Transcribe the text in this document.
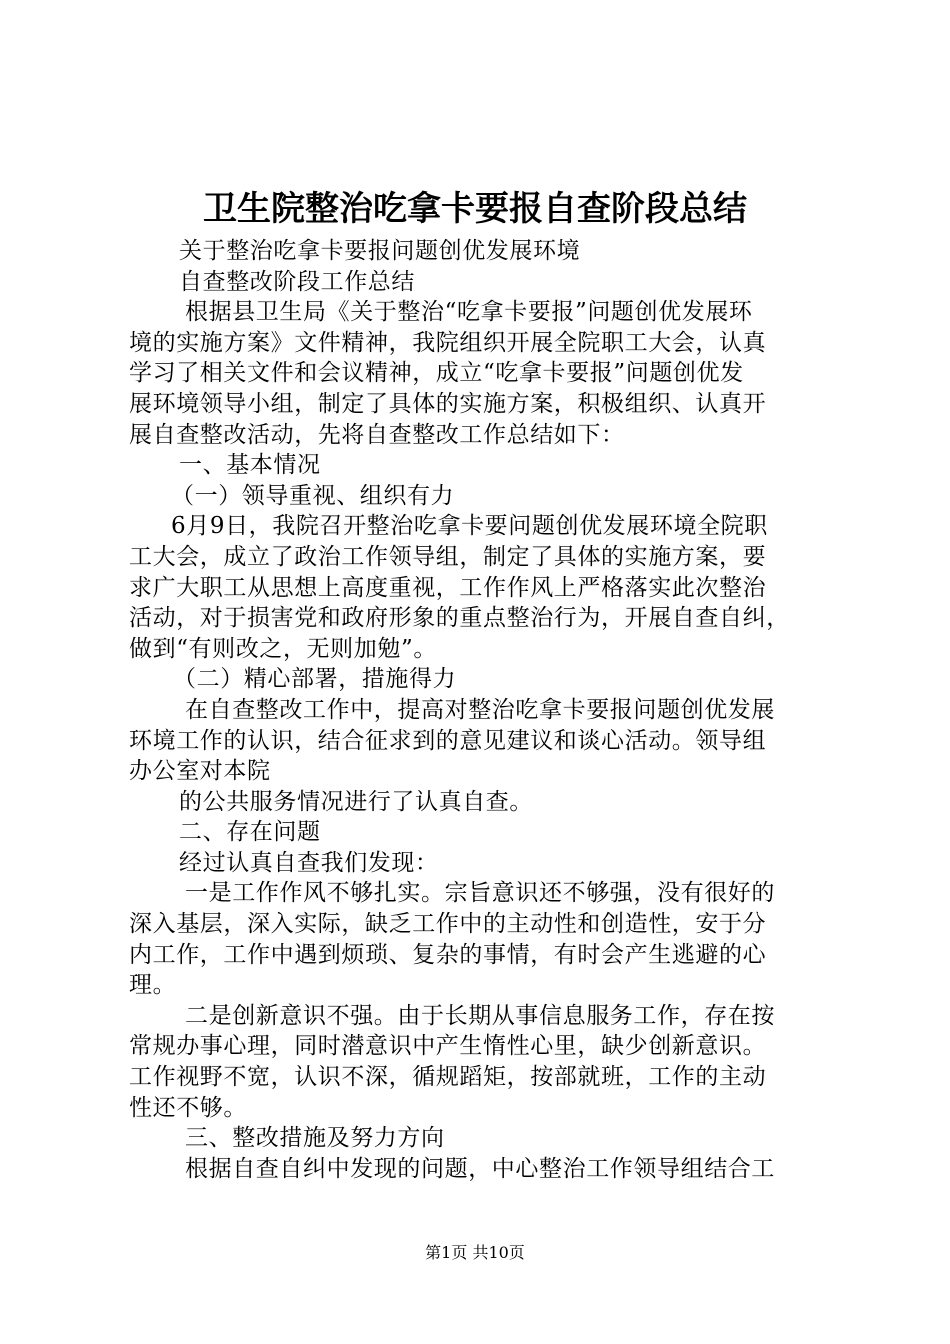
卫生院整治吃拿卡要报自查阶段总结
关于整治吃拿卡要报问题创优发展环境
自查整改阶段工作总结
根据县卫生局《关于整治“吃拿卡要报”问题创优发展环
境的实施方案》文件精神，我院组织开展全院职工大会，认真
学习了相关文件和会议精神，成立“吃拿卡要报”问题创优发
展环境领导小组，制定了具体的实施方案，积极组织、认真开
展自查整改活动，先将自查整改工作总结如下：
一、基本情况
（一）领导重视、组织有力
6月9日，我院召开整治吃拿卡要问题创优发展环境全院职
工大会，成立了政治工作领导组，制定了具体的实施方案，要
求广大职工从思想上高度重视，工作作风上严格落实此次整治
活动，对于损害党和政府形象的重点整治行为，开展自查自纠，
做到“有则改之，无则加勉”。
（二）精心部署，措施得力
在自查整改工作中，提高对整治吃拿卡要报问题创优发展
环境工作的认识，结合征求到的意见建议和谈心活动。领导组
办公室对本院
的公共服务情况进行了认真自查。
二、存在问题
经过认真自查我们发现：
一是工作作风不够扎实。宗旨意识还不够强，没有很好的
深入基层，深入实际，缺乏工作中的主动性和创造性，安于分
内工作，工作中遇到烦琐、复杂的事情，有时会产生逃避的心
理。
二是创新意识不强。由于长期从事信息服务工作，存在按
常规办事心理，同时潜意识中产生惰性心里，缺少创新意识。
工作视野不宽，认识不深，循规蹈矩，按部就班，工作的主动
性还不够。
三、整改措施及努力方向
根据自查自纠中发现的问题，中心整治工作领导组结合工
第1页 共10页
